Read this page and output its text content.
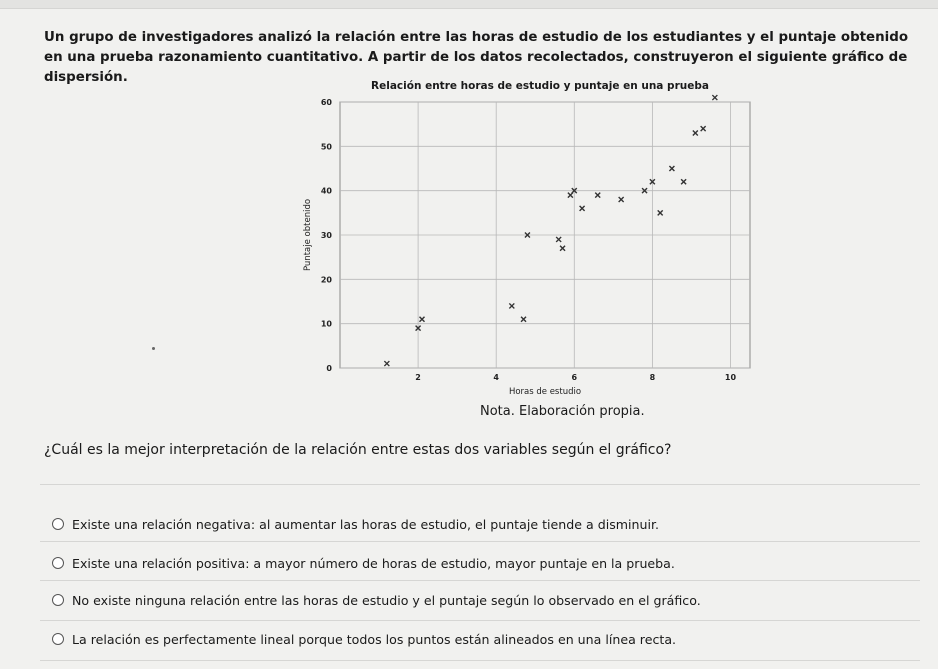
Un grupo de investigadores analizó la relación entre las horas de estudio de los estudiantes y el puntaje obtenido en una prueba razonamiento cuantitativo. A partir de los datos recolectados, construyeron el siguiente gráfico de dispersión.
Relación entre horas de estudio y puntaje en una prueba
0
10
20
30
40
50
60
2	4	6	8	10
Horas de estudio
Puntaje obtenido
Nota. Elaboración propia.
¿Cuál es la mejor interpretación de la relación entre estas dos variables según el gráfico?
Existe una relación negativa: al aumentar las horas de estudio, el puntaje tiende a disminuir.
Existe una relación positiva: a mayor número de horas de estudio, mayor puntaje en la prueba.
No existe ninguna relación entre las horas de estudio y el puntaje según lo observado en el gráfico.
La relación es perfectamente lineal porque todos los puntos están alineados en una línea recta.
